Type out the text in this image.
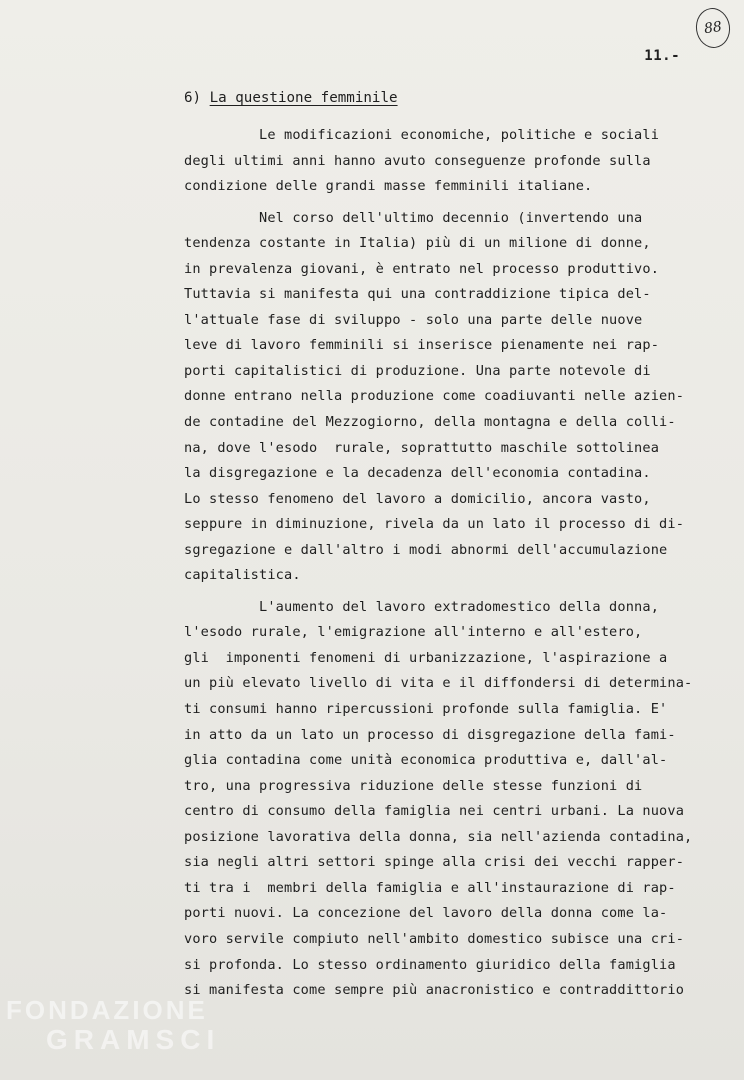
88
11.-
6) La questione femminile
Le modificazioni economiche, politiche e sociali
degli ultimi anni hanno avuto conseguenze profonde sulla
condizione delle grandi masse femminili italiane.
Nel corso dell'ultimo decennio (invertendo una
tendenza costante in Italia) più di un milione di donne,
in prevalenza giovani, è entrato nel processo produttivo.
Tuttavia si manifesta qui una contraddizione tipica del-
l'attuale fase di sviluppo - solo una parte delle nuove
leve di lavoro femminili si inserisce pienamente nei rap-
porti capitalistici di produzione. Una parte notevole di
donne entrano nella produzione come coadiuvanti nelle azien-
de contadine del Mezzogiorno, della montagna e della colli-
na, dove l'esodo  rurale, soprattutto maschile sottolinea
la disgregazione e la decadenza dell'economia contadina.
Lo stesso fenomeno del lavoro a domicilio, ancora vasto,
seppure in diminuzione, rivela da un lato il processo di di-
sgregazione e dall'altro i modi abnormi dell'accumulazione
capitalistica.
L'aumento del lavoro extradomestico della donna,
l'esodo rurale, l'emigrazione all'interno e all'estero,
gli  imponenti fenomeni di urbanizzazione, l'aspirazione a
un più elevato livello di vita e il diffondersi di determina-
ti consumi hanno ripercussioni profonde sulla famiglia. E'
in atto da un lato un processo di disgregazione della fami-
glia contadina come unità economica produttiva e, dall'al-
tro, una progressiva riduzione delle stesse funzioni di
centro di consumo della famiglia nei centri urbani. La nuova
posizione lavorativa della donna, sia nell'azienda contadina,
sia negli altri settori spinge alla crisi dei vecchi rapper-
ti tra i  membri della famiglia e all'instaurazione di rap-
porti nuovi. La concezione del lavoro della donna come la-
voro servile compiuto nell'ambito domestico subisce una cri-
si profonda. Lo stesso ordinamento giuridico della famiglia
si manifesta come sempre più anacronistico e contraddittorio
FONDAZIONE
GRAMSCI
